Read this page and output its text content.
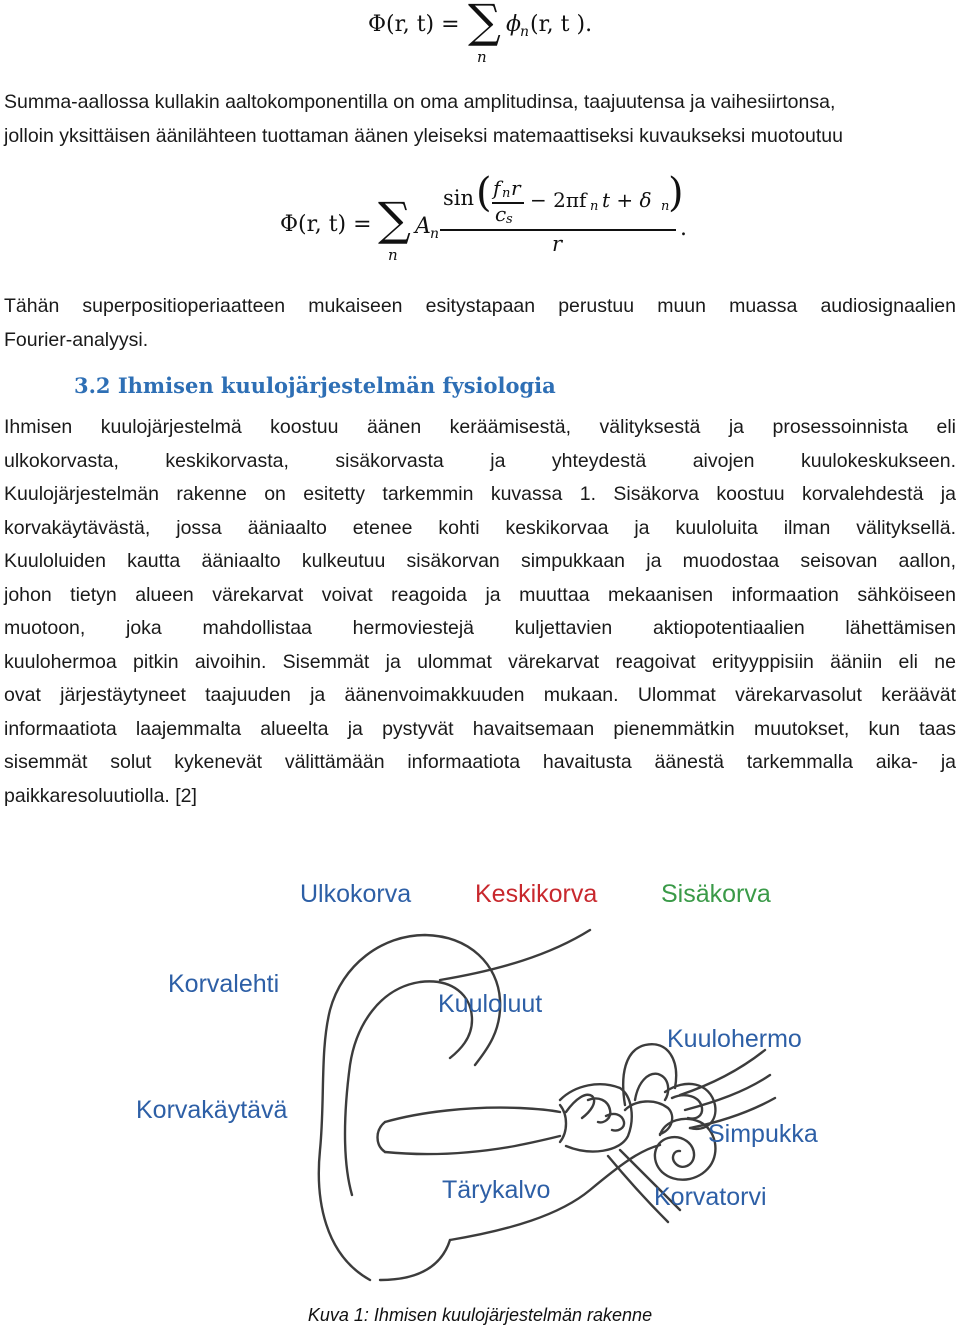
Φ(r, t) = ∑
n
ϕ n (r, t ).
Summa-aallossa kullakin aaltokomponentilla on oma amplitudinsa, taajuutensa ja vaihesiirtonsa,
jolloin yksittäisen äänilähteen tuottaman äänen yleiseksi matemaattiseksi kuvaukseksi muotoutuu
Φ(r, t) = ∑
n
A n
sin ( f n r
c s
− 2πf n t + δ n
)
r
.
Tähän superpositioperiaatteen mukaiseen esitystapaan perustuu muun muassa audiosignaalien
Fourier-analyysi.
3.2 Ihmisen kuulojärjestelmän fysiologia
Ihmisen kuulojärjestelmä koostuu äänen keräämisestä, välityksestä ja prosessoinnista eli
ulkokorvasta, keskikorvasta, sisäkorvasta ja yhteydestä aivojen kuulokeskukseen.
Kuulojärjestelmän rakenne on esitetty tarkemmin kuvassa 1. Sisäkorva koostuu korvalehdestä ja
korvakäytävästä, jossa ääniaalto etenee kohti keskikorvaa ja kuuloluita ilman välityksellä.
Kuuloluiden kautta ääniaalto kulkeutuu sisäkorvan simpukkaan ja muodostaa seisovan aallon,
johon tietyn alueen värekarvat voivat reagoida ja muuttaa mekaanisen informaation sähköiseen
muotoon, joka mahdollistaa hermoviestejä kuljettavien aktiopotentiaalien lähettämisen
kuulohermoa pitkin aivoihin. Sisemmät ja ulommat värekarvat reagoivat erityyppisiin ääniin eli ne
ovat järjestäytyneet taajuuden ja äänenvoimakkuuden mukaan. Ulommat värekarvasolut keräävät
informaatiota laajemmalta alueelta ja pystyvät havaitsemaan pienemmätkin muutokset, kun taas
sisemmät solut kykenevät välittämään informaatiota havaitusta äänestä tarkemmalla aika- ja
paikkaresoluutiolla. [2]
Ulkokorva	Keskikorva	Sisäkorva
Korvalehti
Korvakäytävä
Kuuloluut
Tärykalvo
Kuulohermo
Simpukka
Korvatorvi
Kuva 1: Ihmisen kuulojärjestelmän rakenne
